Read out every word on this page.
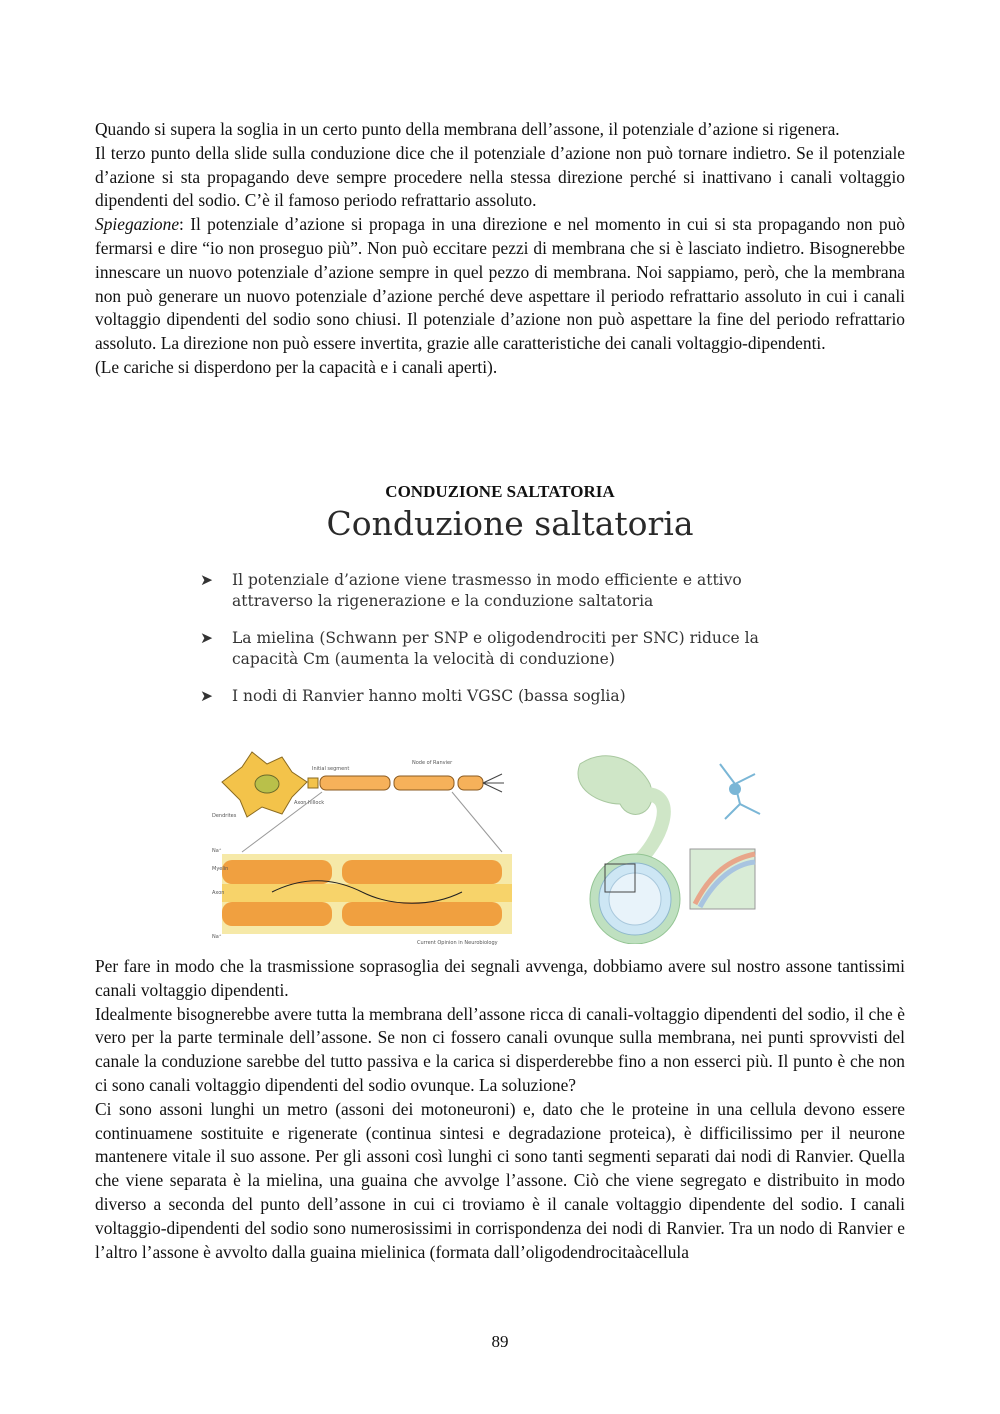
Quando si supera la soglia in un certo punto della membrana dell’assone, il potenziale d’azione si rigenera.

Il terzo punto della slide sulla conduzione dice che il potenziale d’azione non può tornare indietro. Se il potenziale d’azione si sta propagando deve sempre procedere nella stessa direzione perché si inattivano i canali voltaggio dipendenti del sodio. C’è il famoso periodo refrattario assoluto.

Spiegazione: Il potenziale d’azione si propaga in una direzione e nel momento in cui si sta propagando non può fermarsi e dire “io non proseguo più”. Non può eccitare pezzi di membrana che si è lasciato indietro. Bisognerebbe innescare un nuovo potenziale d’azione sempre in quel pezzo di membrana. Noi sappiamo, però, che la membrana non può generare un nuovo potenziale d’azione perché deve aspettare il periodo refrattario assoluto in cui i canali voltaggio dipendenti del sodio sono chiusi. Il potenziale d’azione non può aspettare la fine del periodo refrattario assoluto. La direzione non può essere invertita, grazie alle caratteristiche dei canali voltaggio-dipendenti.

(Le cariche si disperdono per la capacità e i canali aperti).

CONDUZIONE SALTATORIA
Conduzione saltatoria
➤	Il potenziale d’azione viene trasmesso in modo efficiente e attivo attraverso la rigenerazione e la conduzione saltatoria
➤	La mielina (Schwann per SNP e oligodendrociti per SNC) riduce la capacità Cm (aumenta la velocità di conduzione)
➤	I nodi di Ranvier hanno molti VGSC (bassa soglia)
Initial segment
Node of Ranvier
Axon hillock
Dendrites
Na⁺
Myelin
Axon
Na⁺
Current Opinion in Neurobiology

Per fare in modo che la trasmissione soprasoglia dei segnali avvenga, dobbiamo avere sul nostro assone tantissimi canali voltaggio dipendenti.

Idealmente bisognerebbe avere tutta la membrana dell’assone ricca di canali-voltaggio dipendenti del sodio, il che è vero per la parte terminale dell’assone. Se non ci fossero canali ovunque sulla membrana, nei punti sprovvisti del canale la conduzione sarebbe del tutto passiva e la carica si disperderebbe fino a non esserci più. Il punto è che non ci sono canali voltaggio dipendenti del sodio ovunque. La soluzione?

Ci sono assoni lunghi un metro (assoni dei motoneuroni) e, dato che le proteine in una cellula devono essere continuamene sostituite e rigenerate (continua sintesi e degradazione proteica), è difficilissimo per il neurone mantenere vitale il suo assone. Per gli assoni così lunghi ci sono tanti segmenti separati dai nodi di Ranvier. Quella che viene separata è la mielina, una guaina che avvolge l’assone. Ciò che viene segregato e distribuito in modo diverso a seconda del punto dell’assone in cui ci troviamo è il canale voltaggio dipendente del sodio. I canali voltaggio-dipendenti del sodio sono numerosissimi in corrispondenza dei nodi di Ranvier. Tra un nodo di Ranvier e l’altro l’assone è avvolto dalla guaina mielinica (formata dall’oligodendrocitaàcellula

89
